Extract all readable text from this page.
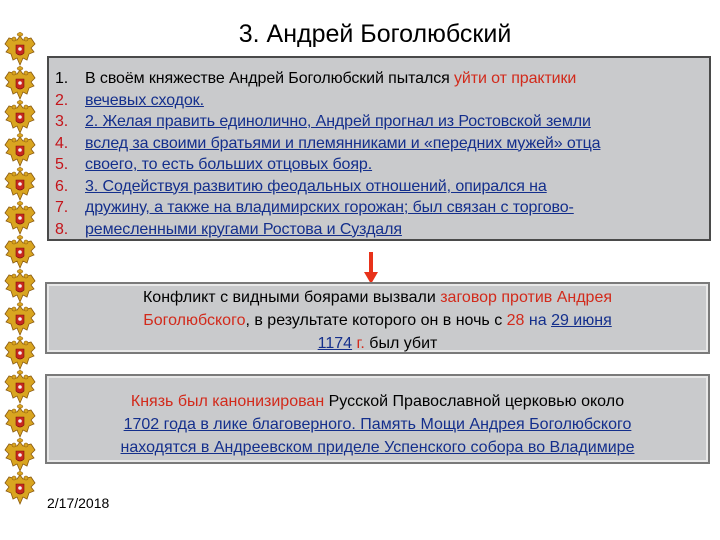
3. Андрей Боголюбский
1.	В своём княжестве Андрей Боголюбский пытался уйти от практики
2.	вечевых сходок.
3.	2. Желая править единолично, Андрей прогнал из Ростовской земли
4.	вслед за своими братьями и племянниками и «передних мужей» отца
5.	своего, то есть больших отцовых бояр.
6.	3. Содействуя развитию феодальных отношений, опирался на
7.	дружину, а также на владимирских горожан; был связан с торгово-
8.	ремесленными кругами Ростова и Суздаля
Конфликт с видными боярами вызвали заговор против Андрея
Боголюбского, в результате которого он в ночь с 28 на 29 июня
1174 г. был убит
Князь был канонизирован Русской Православной церковью около
1702 года в лике благоверного. Память Мощи Андрея Боголюбского
находятся в Андреевском приделе Успенского собора во Владимире
2/17/2018
